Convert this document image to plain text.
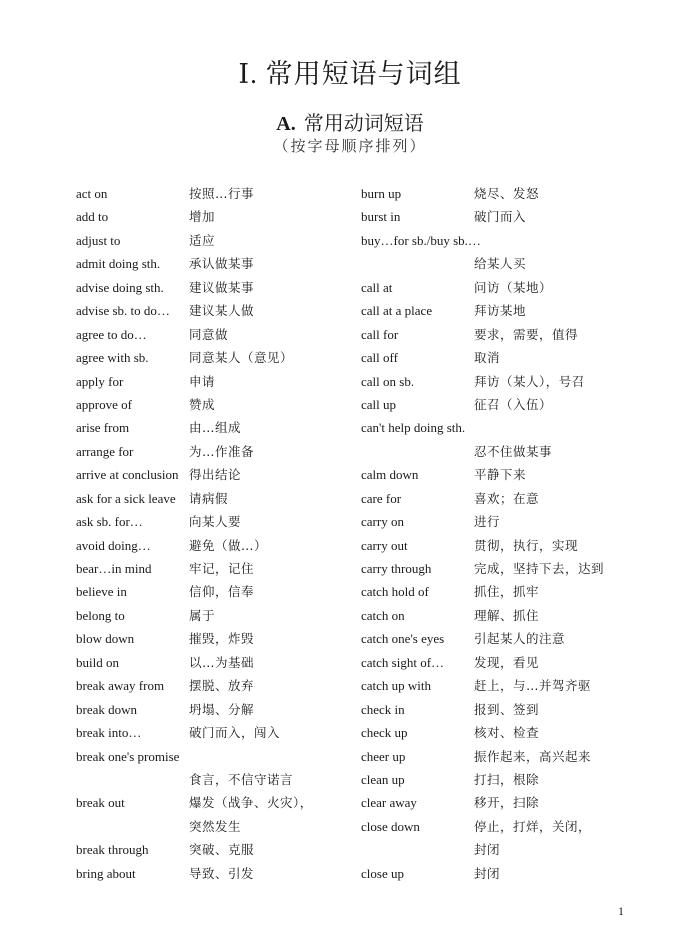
Ⅰ. 常用短语与词组
A. 常用动词短语
（按字母顺序排列）
act on	按照…行事
add to	增加
adjust to	适应
admit doing sth. 承认做某事
advise doing sth. 建议做某事
advise sb. to do… 建议某人做
agree to do…	同意做
agree with sb.	同意某人（意见）
apply for	申请
approve of	赞成
arise from	由…组成
arrange for	为…作准备
arrive at conclusion 得出结论
ask for a sick leave 请病假
ask sb. for…	向某人要
avoid doing…	避免（做…）
bear…in mind	牢记，记住
believe in	信仰，信奉
belong to	属于
blow down	摧毁，炸毁
build on	以…为基础
break away from 摆脱、放弃
break down	坍塌、分解
break into…	破门而入，闯入
break one's promise
食言，不信守诺言
break out	爆发（战争、火灾），
突然发生
break through	突破、克服
bring about	导致、引发
burn up	烧尽、发怒
burst in	破门而入
buy…for sb./buy sb.…
给某人买
call at	问访（某地）
call at a place	拜访某地
call for	要求，需要，值得
call off	取消
call on sb.	拜访（某人），号召
call up	征召（入伍）
can't help doing sth.
忍不住做某事
calm down	平静下来
care for	喜欢；在意
carry on	进行
carry out	贯彻，执行，实现
carry through	完成，坚持下去，达到
catch hold of	抓住，抓牢
catch on	理解、抓住
catch one's eyes 引起某人的注意
catch sight of… 发现，看见
catch up with	赶上，与…并驾齐驱
check in	报到、签到
check up	核对、检查
cheer up	振作起来，高兴起来
clean up	打扫，根除
clear away	移开，扫除
close down	停止，打烊，关闭，
封闭
close up	封闭
1
